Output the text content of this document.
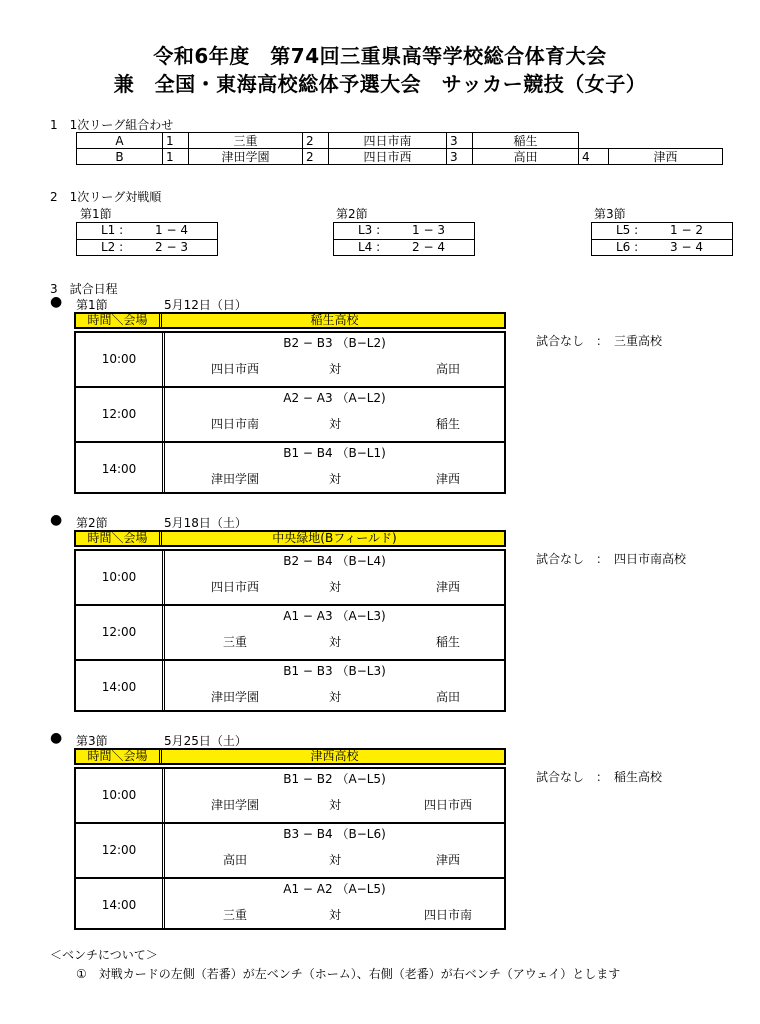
令和6年度　第74回三重県高等学校総合体育大会
兼　全国・東海高校総体予選大会　サッカー競技（女子）
1　1次リーグ組合わせ
A	1	三重	2	四日市南	3	稲生		
B	1	津田学園	2	四日市西	3	高田	4	津西
2　1次リーグ対戦順
第1節
L1 :	1 − 4
L2 :	2 − 3
第2節
L3 :	1 − 3
L4 :	2 − 4
第3節
L5 :	1 − 2
L6 :	3 − 4
3　試合日程
● 第1節	5月12日（日）
試合なし　：　三重高校
時間＼会場	稲生高校
10:00
B2 − B3 （B−L2)
四日市西	対	高田
12:00
A2 − A3 （A−L2)
四日市南	対	稲生
14:00
B1 − B4 （B−L1)
津田学園	対	津西
● 第2節	5月18日（土）
試合なし　：　四日市南高校
時間＼会場	中央緑地(Bフィールド)
10:00
B2 − B4 （B−L4)
四日市西	対	津西
12:00
A1 − A3 （A−L3)
三重	対	稲生
14:00
B1 − B3 （B−L3)
津田学園	対	高田
● 第3節	5月25日（土）
試合なし　：　稲生高校
時間＼会場	津西高校
10:00
B1 − B2 （A−L5)
津田学園	対	四日市西
12:00
B3 − B4 （B−L6)
高田	対	津西
14:00
A1 − A2 （A−L5)
三重	対	四日市南
＜ベンチについて＞
①　対戦カードの左側（若番）が左ベンチ（ホーム）、右側（老番）が右ベンチ（アウェイ）とします
